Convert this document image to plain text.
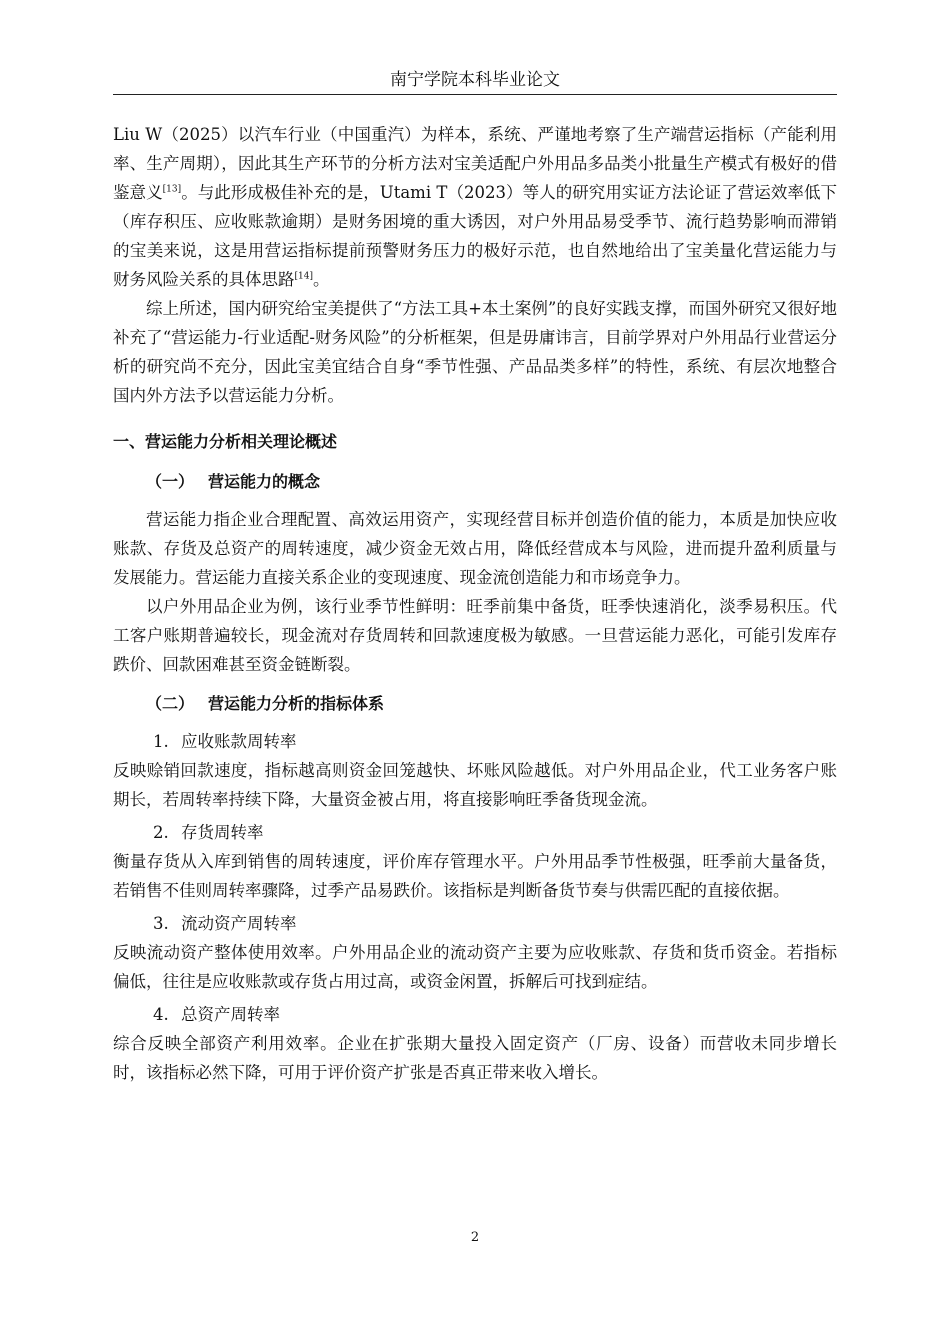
南宁学院本科毕业论文

Liu W（2025）以汽车行业（中国重汽）为样本，系统、严谨地考察了生产端营运指标（产能利用率、生产周期），因此其生产环节的分析方法对宝美适配户外用品多品类小批量生产模式有极好的借鉴意义[13]。与此形成极佳补充的是，Utami T（2023）等人的研究用实证方法论证了营运效率低下（库存积压、应收账款逾期）是财务困境的重大诱因，对户外用品易受季节、流行趋势影响而滞销的宝美来说，这是用营运指标提前预警财务压力的极好示范，也自然地给出了宝美量化营运能力与财务风险关系的具体思路[14]。

综上所述，国内研究给宝美提供了“方法工具+本土案例”的良好实践支撑，而国外研究又很好地补充了“营运能力-行业适配-财务风险”的分析框架，但是毋庸讳言，目前学界对户外用品行业营运分析的研究尚不充分，因此宝美宜结合自身“季节性强、产品品类多样”的特性，系统、有层次地整合国内外方法予以营运能力分析。

一、营运能力分析相关理论概述
（一） 营运能力的概念

营运能力指企业合理配置、高效运用资产，实现经营目标并创造价值的能力，本质是加快应收账款、存货及总资产的周转速度，减少资金无效占用，降低经营成本与风险，进而提升盈利质量与发展能力。营运能力直接关系企业的变现速度、现金流创造能力和市场竞争力。

以户外用品企业为例，该行业季节性鲜明：旺季前集中备货，旺季快速消化，淡季易积压。代工客户账期普遍较长，现金流对存货周转和回款速度极为敏感。一旦营运能力恶化，可能引发库存跌价、回款困难甚至资金链断裂。

（二） 营运能力分析的指标体系
1. 应收账款周转率

反映赊销回款速度，指标越高则资金回笼越快、坏账风险越低。对户外用品企业，代工业务客户账期长，若周转率持续下降，大量资金被占用，将直接影响旺季备货现金流。

2. 存货周转率

衡量存货从入库到销售的周转速度，评价库存管理水平。户外用品季节性极强，旺季前大量备货，若销售不佳则周转率骤降，过季产品易跌价。该指标是判断备货节奏与供需匹配的直接依据。

3. 流动资产周转率

反映流动资产整体使用效率。户外用品企业的流动资产主要为应收账款、存货和货币资金。若指标偏低，往往是应收账款或存货占用过高，或资金闲置，拆解后可找到症结。

4. 总资产周转率

综合反映全部资产利用效率。企业在扩张期大量投入固定资产（厂房、设备）而营收未同步增长时，该指标必然下降，可用于评价资产扩张是否真正带来收入增长。

2
